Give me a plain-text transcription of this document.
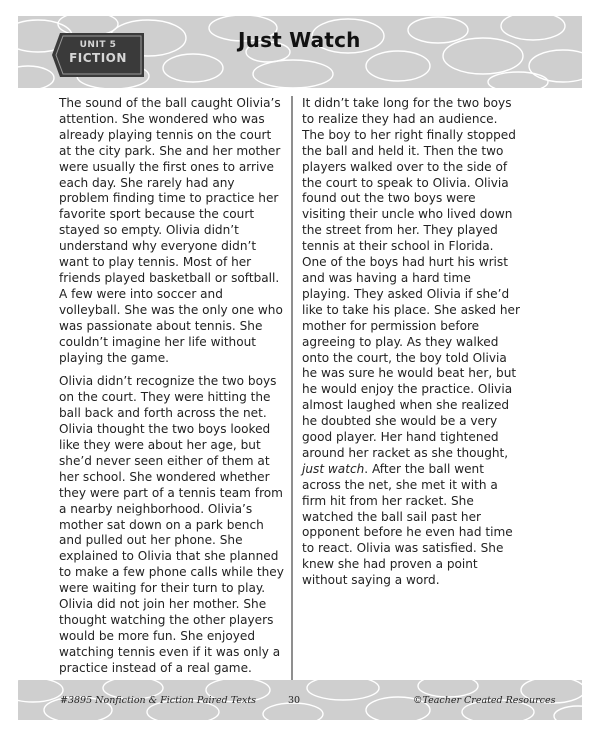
UNIT 5
FICTION
Just Watch

The sound of the ball caught Olivia’s attention. She wondered who was already playing tennis on the court at the city park. She and her mother were usually the first ones to arrive each day. She rarely had any problem finding time to practice her favorite sport because the court stayed so empty. Olivia didn’t understand why everyone didn’t want to play tennis. Most of her friends played basketball or softball. A few were into soccer and volleyball. She was the only one who was passionate about tennis. She couldn’t imagine her life without playing the game.

Olivia didn’t recognize the two boys on the court. They were hitting the ball back and forth across the net. Olivia thought the two boys looked like they were about her age, but she’d never seen either of them at her school. She wondered whether they were part of a tennis team from a nearby neighborhood. Olivia’s mother sat down on a park bench and pulled out her phone. She explained to Olivia that she planned to make a few phone calls while they were waiting for their turn to play. Olivia did not join her mother. She thought watching the other players would be more fun. She enjoyed watching tennis even if it was only a practice instead of a real game.

It didn’t take long for the two boys to realize they had an audience. The boy to her right finally stopped the ball and held it. Then the two players walked over to the side of the court to speak to Olivia. Olivia found out the two boys were visiting their uncle who lived down the street from her. They played tennis at their school in Florida. One of the boys had hurt his wrist and was having a hard time playing. They asked Olivia if she’d like to take his place. She asked her mother for permission before agreeing to play. As they walked onto the court, the boy told Olivia he was sure he would beat her, but he would enjoy the practice. Olivia almost laughed when she realized he doubted she would be a very good player. Her hand tightened around her racket as she thought, just watch. After the ball went across the net, she met it with a firm hit from her racket. She watched the ball sail past her opponent before he even had time to react. Olivia was satisfied. She knew she had proven a point without saying a word.

#3895 Nonfiction & Fiction Paired Texts	30	©Teacher Created Resources
